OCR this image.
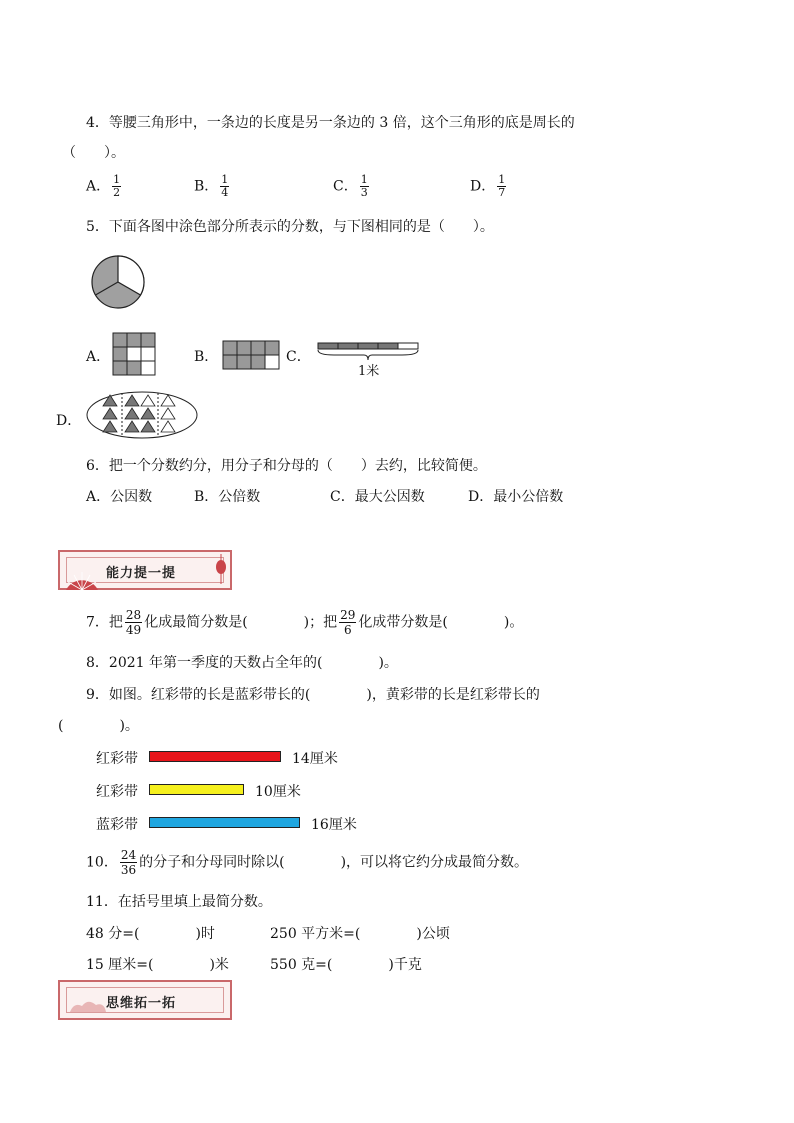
4．等腰三角形中，一条边的长度是另一条边的 3 倍，这个三角形的底是周长的
（　　）。
A． $\frac{1}{2}$	B． $\frac{1}{4}$	C． $\frac{1}{3}$	D． $\frac{1}{7}$
5．下面各图中涂色部分所表示的分数，与下图相同的是（　　）。
A．	B．	C．
1米
D．
6．把一个分数约分，用分子和分母的（　　）去约，比较简便。
A．公因数	B．公倍数	C．最大公因数	D．最小公倍数
能力提一提
7．把 $\frac{28}{49}$ 化成最简分数是(　　　　)；把 $\frac{29}{6}$ 化成带分数是(　　　　)。
8．2021 年第一季度的天数占全年的(　　　　)。
9．如图。红彩带的长是蓝彩带长的(　　　　)，黄彩带的长是红彩带长的
(　　　　)。
红彩带	14厘米
红彩带	10厘米
蓝彩带	16厘米
10． $\frac{24}{36}$ 的分子和分母同时除以(　　　　)，可以将它约分成最简分数。
11．在括号里填上最简分数。
48 分=(　　　　)时	250 平方米=(　　　　)公顷
15 厘米=(　　　　)米	550 克=(　　　　)千克
思维拓一拓
